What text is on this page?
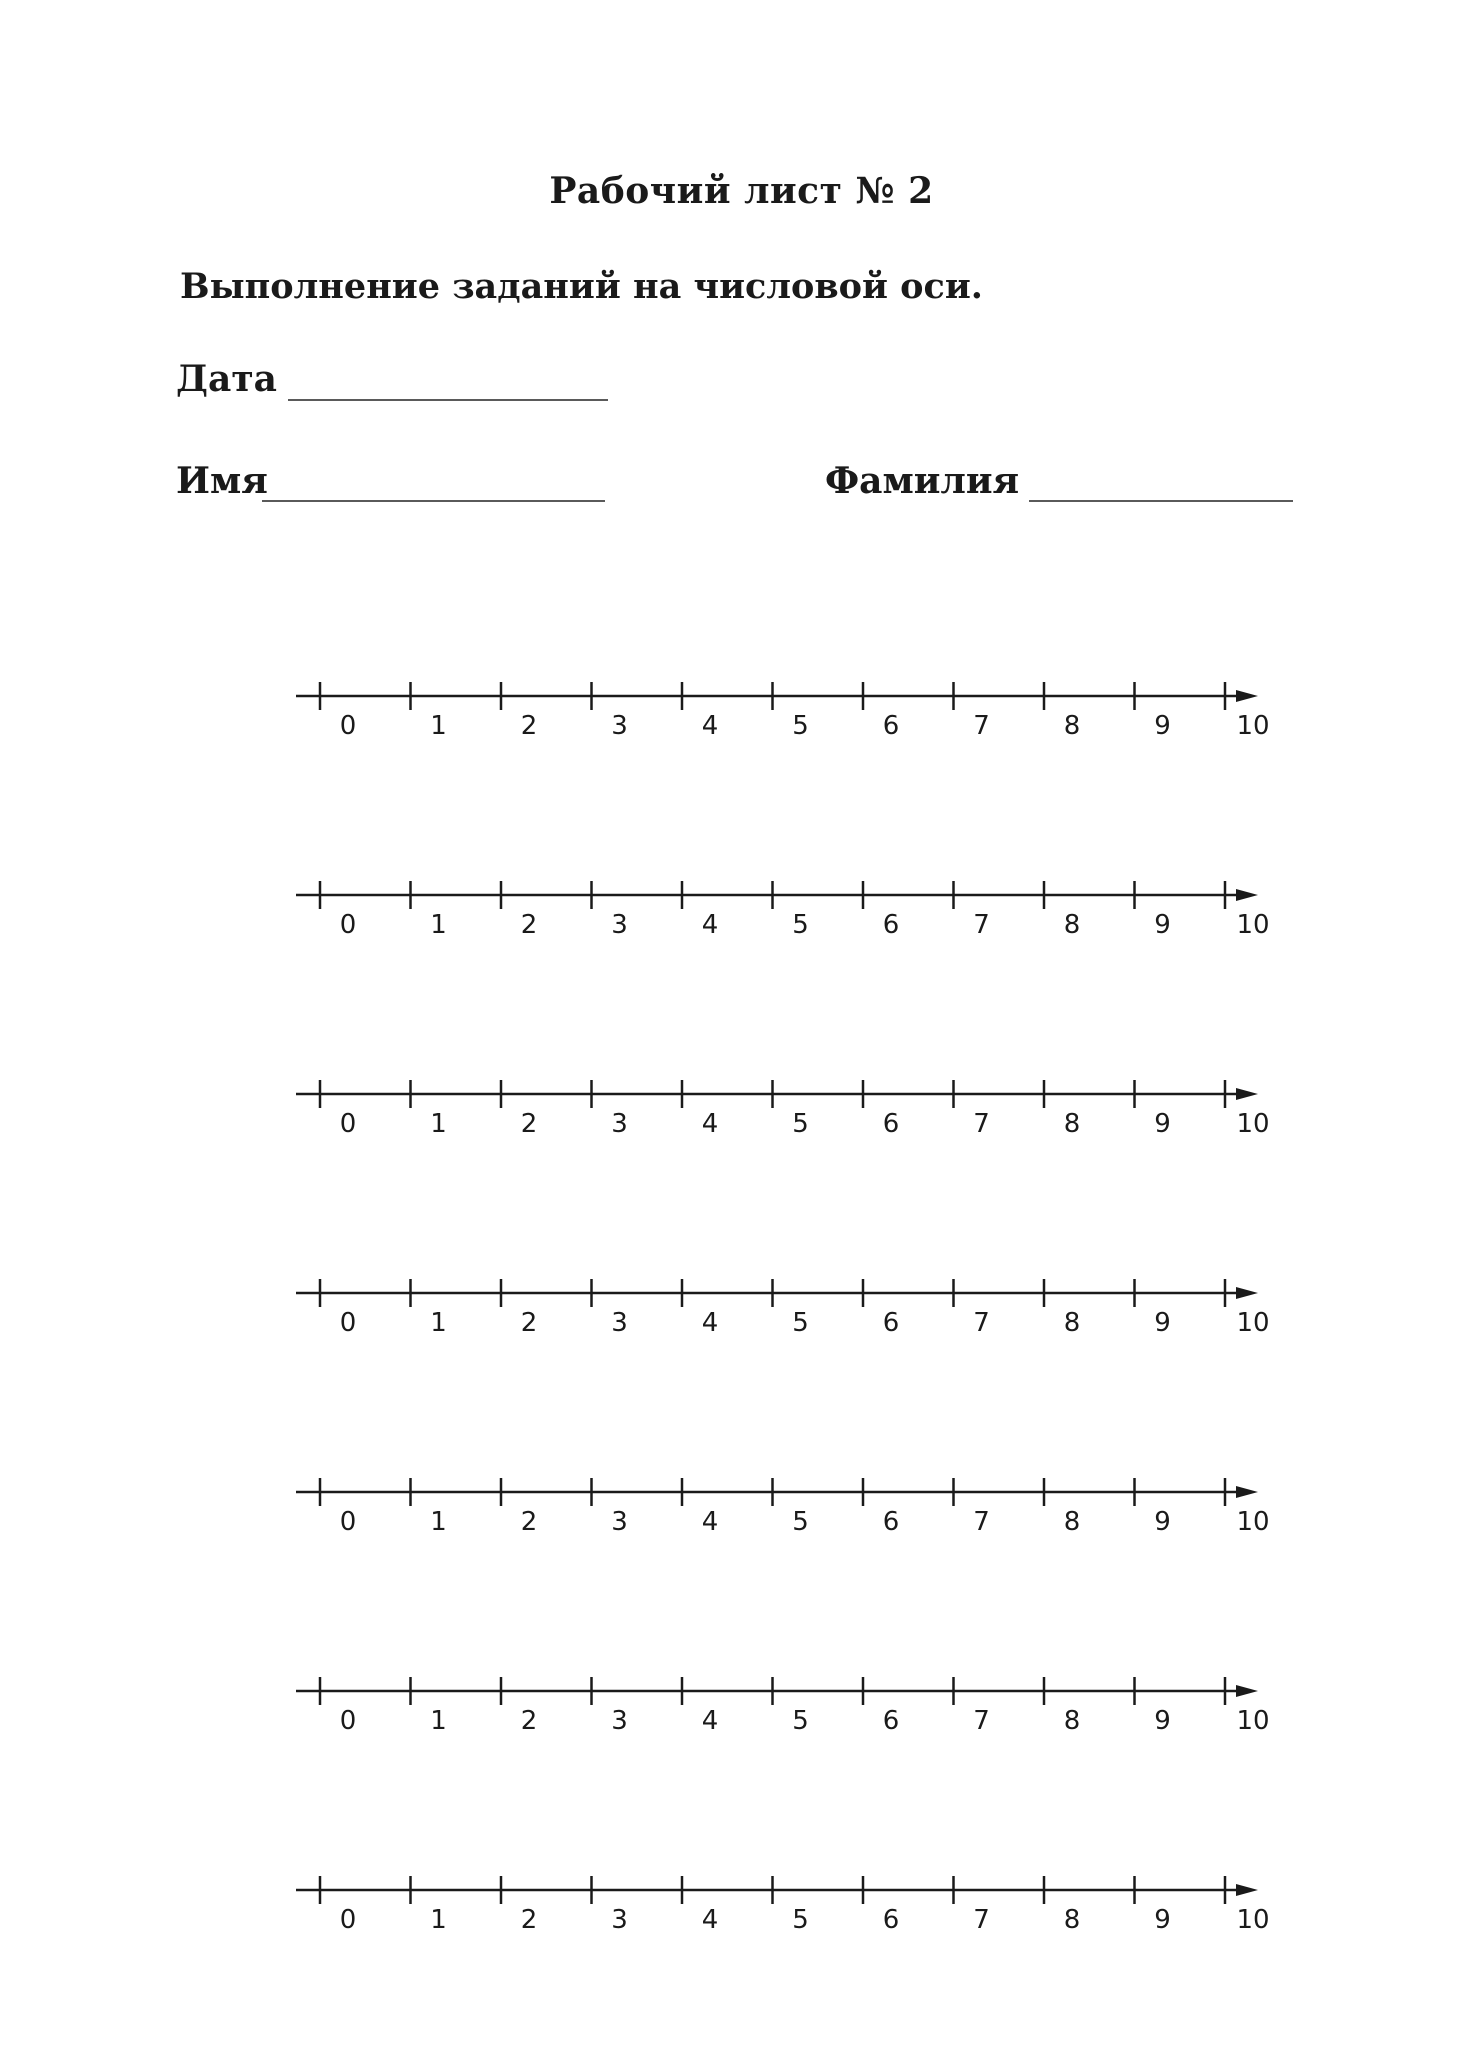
Рабочий лист № 2
Выполнение заданий на числовой оси.
Дата
Имя	Фамилия
0	1	2	3	4	5	6	7	8	9	10
0	1	2	3	4	5	6	7	8	9	10
0	1	2	3	4	5	6	7	8	9	10
0	1	2	3	4	5	6	7	8	9	10
0	1	2	3	4	5	6	7	8	9	10
0	1	2	3	4	5	6	7	8	9	10
0	1	2	3	4	5	6	7	8	9	10
